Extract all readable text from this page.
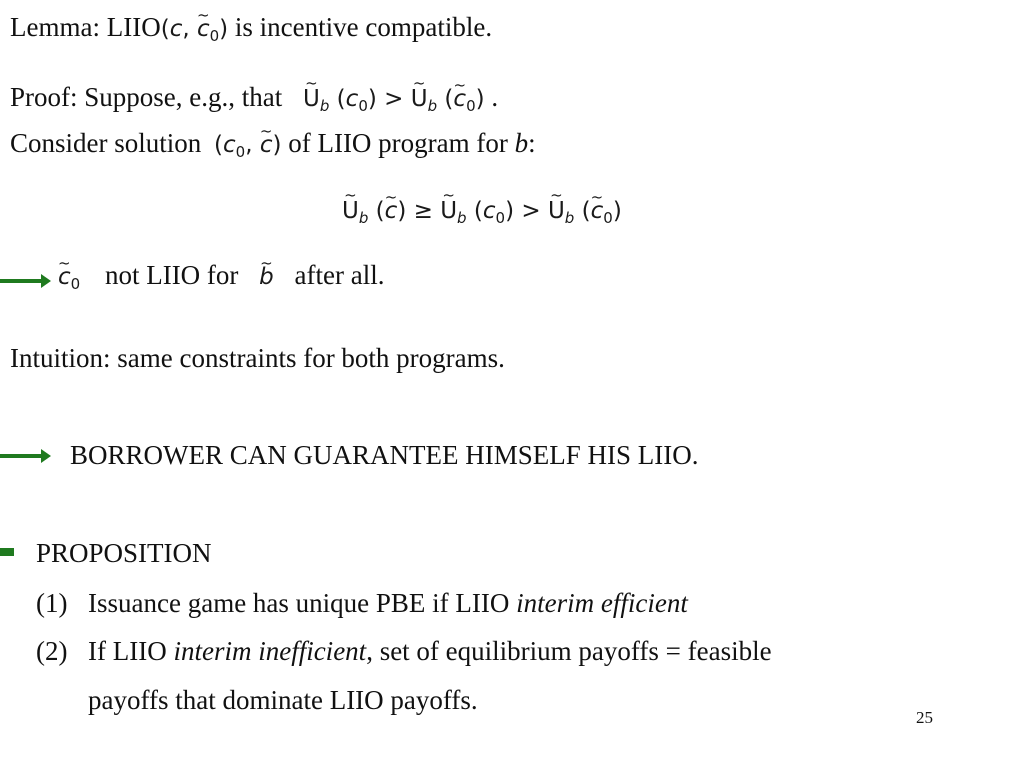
Lemma: LIIO(c, ~ $c_0$) is incentive compatible.
Proof: Suppose, e.g., that ~ $U_b$ $(c_0)$ > ~ $U_b$ (~ $c_0$) .
Consider solution ($c_0$, ~ c) of LIIO program for b:
~ $U_b$ (~ c) ≥ ~ $U_b$ $(c_0)$ > ~ $U_b$ (~ $c_0$)
~ $c_0$ not LIIO for ~ b after all.
Intuition: same constraints for both programs.
BORROWER CAN GUARANTEE HIMSELF HIS LIIO.
PROPOSITION
(1) Issuance game has unique PBE if LIIO interim efficient
(2) If LIIO interim inefficient, set of equilibrium payoffs = feasible
payoffs that dominate LIIO payoffs.
25
